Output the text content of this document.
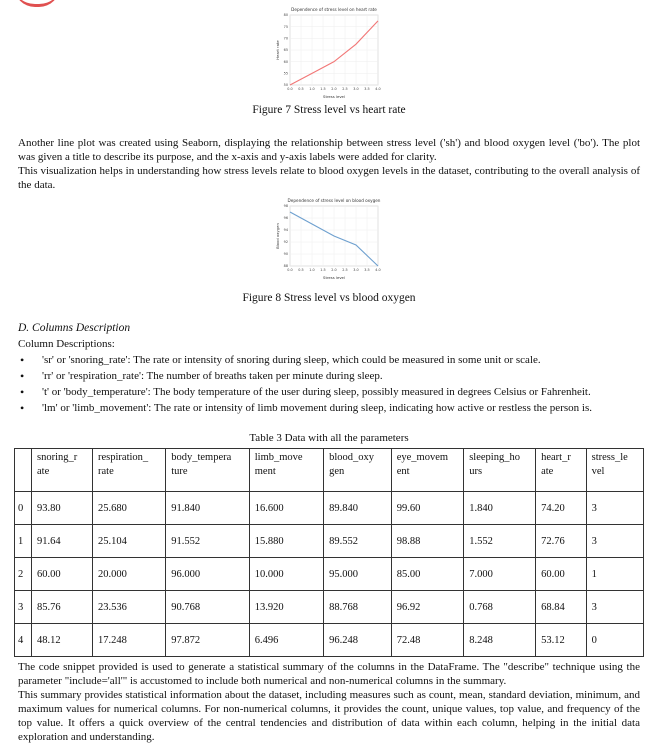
Dependence of stress level on heart rate
0.0 0.5 1.0 1.5 2.0 2.5 3.0 3.5 4.0
50
55
60
65
70
75
80
Stress level
Heart rate
Figure 7 Stress level vs heart rate

Another line plot was created using Seaborn, displaying the relationship between stress level ('sh') and blood oxygen level ('bo'). The plot was given a title to describe its purpose, and the x-axis and y-axis labels were added for clarity.

This visualization helps in understanding how stress levels relate to blood oxygen levels in the dataset, contributing to the overall analysis of the data.

Dependence of stress level on blood oxygen
0.0 0.5 1.0 1.5 2.0 2.5 3.0 3.5 4.0
88
90
92
94
96
98
Stress level
Blood oxygen
Figure 8 Stress level vs blood oxygen
D. Columns Description
Column Descriptions:
• 'sr' or 'snoring_rate': The rate or intensity of snoring during sleep, which could be measured in some unit or scale.
• 'rr' or 'respiration_rate': The number of breaths taken per minute during sleep.
• 't' or 'body_temperature': The body temperature of the user during sleep, possibly measured in degrees Celsius or Fahrenheit.
• 'lm' or 'limb_movement': The rate or intensity of limb movement during sleep, indicating how active or restless the person is.
Table 3 Data with all the parameters
	snoring_r ate	respiration_ rate	body_tempera ture	limb_move ment	blood_oxy gen	eye_movem ent	sleeping_ho urs	heart_r ate	stress_le vel
0	93.80	25.680	91.840	16.600	89.840	99.60	1.840	74.20	3
1	91.64	25.104	91.552	15.880	89.552	98.88	1.552	72.76	3
2	60.00	20.000	96.000	10.000	95.000	85.00	7.000	60.00	1
3	85.76	23.536	90.768	13.920	88.768	96.92	0.768	68.84	3
4	48.12	17.248	97.872	6.496	96.248	72.48	8.248	53.12	0

The code snippet provided is used to generate a statistical summary of the columns in the DataFrame. The "describe" technique using the parameter "include='all'" is accustomed to include both numerical and non-numerical columns in the summary.

This summary provides statistical information about the dataset, including measures such as count, mean, standard deviation, minimum, and maximum values for numerical columns. For non-numerical columns, it provides the count, unique values, top value, and frequency of the top value. It offers a quick overview of the central tendencies and distribution of data within each column, helping in the initial data exploration and understanding.
